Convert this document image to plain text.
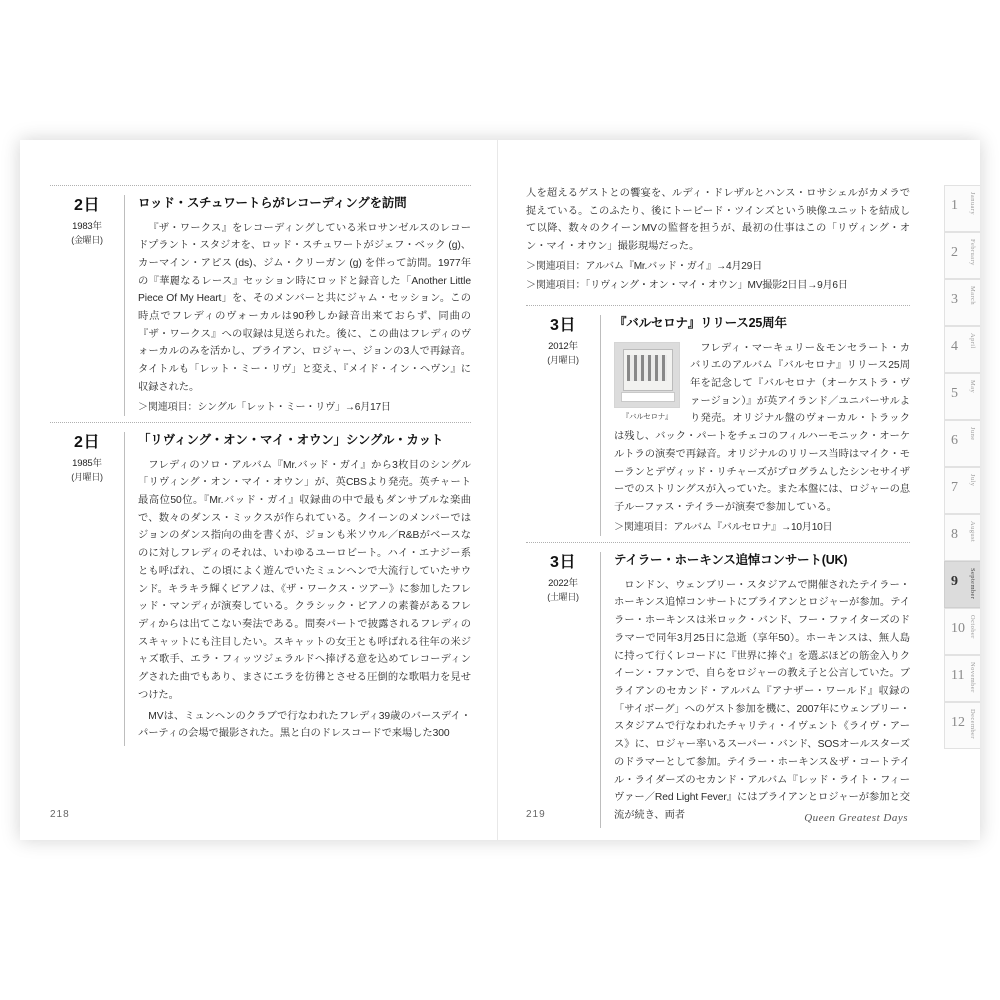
2日
1983年
(金曜日)
ロッド・スチュワートらがレコーディングを訪問

『ザ・ワークス』をレコーディングしている米ロサンゼルスのレコードプラント・スタジオを、ロッド・スチュワートがジェフ・ベック (g)、カーマイン・アピス (ds)、ジム・クリーガン (g) を伴って訪問。1977年の『華麗なるレース』セッション時にロッドと録音した「Another Little Piece Of My Heart」を、そのメンバーと共にジャム・セッション。この時点でフレディのヴォーカルは90秒しか録音出来ておらず、同曲の『ザ・ワークス』への収録は見送られた。後に、この曲はフレディのヴォーカルのみを活かし、ブライアン、ロジャー、ジョンの3人で再録音。タイトルも「レット・ミー・リヴ」と変え、『メイド・イン・ヘヴン』に収録された。

＞関連項目：シングル「レット・ミー・リヴ」→6月17日
2日
1985年
(月曜日)
「リヴィング・オン・マイ・オウン」シングル・カット

フレディのソロ・アルバム『Mr.バッド・ガイ』から3枚目のシングル「リヴィング・オン・マイ・オウン」が、英CBSより発売。英チャート最高位50位。『Mr.バッド・ガイ』収録曲の中で最もダンサブルな楽曲で、数々のダンス・ミックスが作られている。クイーンのメンバーではジョンのダンス指向の曲を書くが、ジョンも米ソウル／R&Bがベースなのに対しフレディのそれは、いわゆるユーロビート。ハイ・エナジー系とも呼ばれ、この頃によく遊んでいたミュンヘンで大流行していたサウンド。キラキラ輝くピアノは、《ザ・ワークス・ツアー》に参加したフレッド・マンディが演奏している。クラシック・ピアノの素養があるフレディからは出てこない奏法である。間奏パートで披露されるフレディのスキャットにも注目したい。スキャットの女王とも呼ばれる往年の米ジャズ歌手、エラ・フィッツジェラルドへ捧げる意を込めてレコーディングされた曲でもあり、まさにエラを彷彿とさせる圧倒的な歌唱力を見せつけた。

MVは、ミュンヘンのクラブで行なわれたフレディ39歳のバースデイ・パーティの会場で撮影された。黒と白のドレスコードで来場した300

218

人を超えるゲストとの饗宴を、ルディ・ドレザルとハンス・ロサシェルがカメラで捉えている。このふたり、後にトービード・ツインズという映像ユニットを結成して以降、数々のクイーンMVの監督を担うが、最初の仕事はこの「リヴィング・オン・マイ・オウン」撮影現場だった。

＞関連項目：アルバム『Mr.バッド・ガイ』→4月29日
＞関連項目：「リヴィング・オン・マイ・オウン」MV撮影2日目→9月6日
3日
2012年
(月曜日)
『バルセロナ』リリース25周年
『バルセロナ』

フレディ・マーキュリー＆モンセラート・カバリエのアルバム『バルセロナ』リリース25周年を記念して『バルセロナ（オーケストラ・ヴァージョン）』が英アイランド／ユニバーサルより発売。オリジナル盤のヴォーカル・トラックは残し、バック・パートをチェコのフィルハーモニック・オーケルトラの演奏で再録音。オリジナルのリリース当時はマイク・モーランとデヴィッド・リチャーズがプログラムしたシンセサイザーでのストリングスが入っていた。また本盤には、ロジャーの息子ルーファス・テイラーが演奏で参加している。

＞関連項目：アルバム『バルセロナ』→10月10日
3日
2022年
(土曜日)
テイラー・ホーキンス追悼コンサート(UK)

ロンドン、ウェンブリー・スタジアムで開催されたテイラー・ホーキンス追悼コンサートにブライアンとロジャーが参加。テイラー・ホーキンスは米ロック・バンド、フー・ファイターズのドラマーで同年3月25日に急逝（享年50）。ホーキンスは、無人島に持って行くレコードに『世界に捧ぐ』を選ぶほどの筋金入りクイーン・ファンで、自らをロジャーの教え子と公言していた。ブライアンのセカンド・アルバム『アナザー・ワールド』収録の「サイボーグ」へのゲスト参加を機に、2007年にウェンブリー・スタジアムで行なわれたチャリティ・イヴェント《ライヴ・アース》に、ロジャー率いるスーパー・バンド、SOSオールスターズのドラマーとして参加。テイラー・ホーキンス＆ザ・コートテイル・ライダーズのセカンド・アルバム『レッド・ライト・フィーヴァー／Red Light Fever』にはブライアンとロジャーが参加と交流が続き、両者

219	Queen Greatest Days
1 January
2 February
3 March
4 April
5 May
6 June
7 July
8 August
9 September
10 October
11 November
12 December
